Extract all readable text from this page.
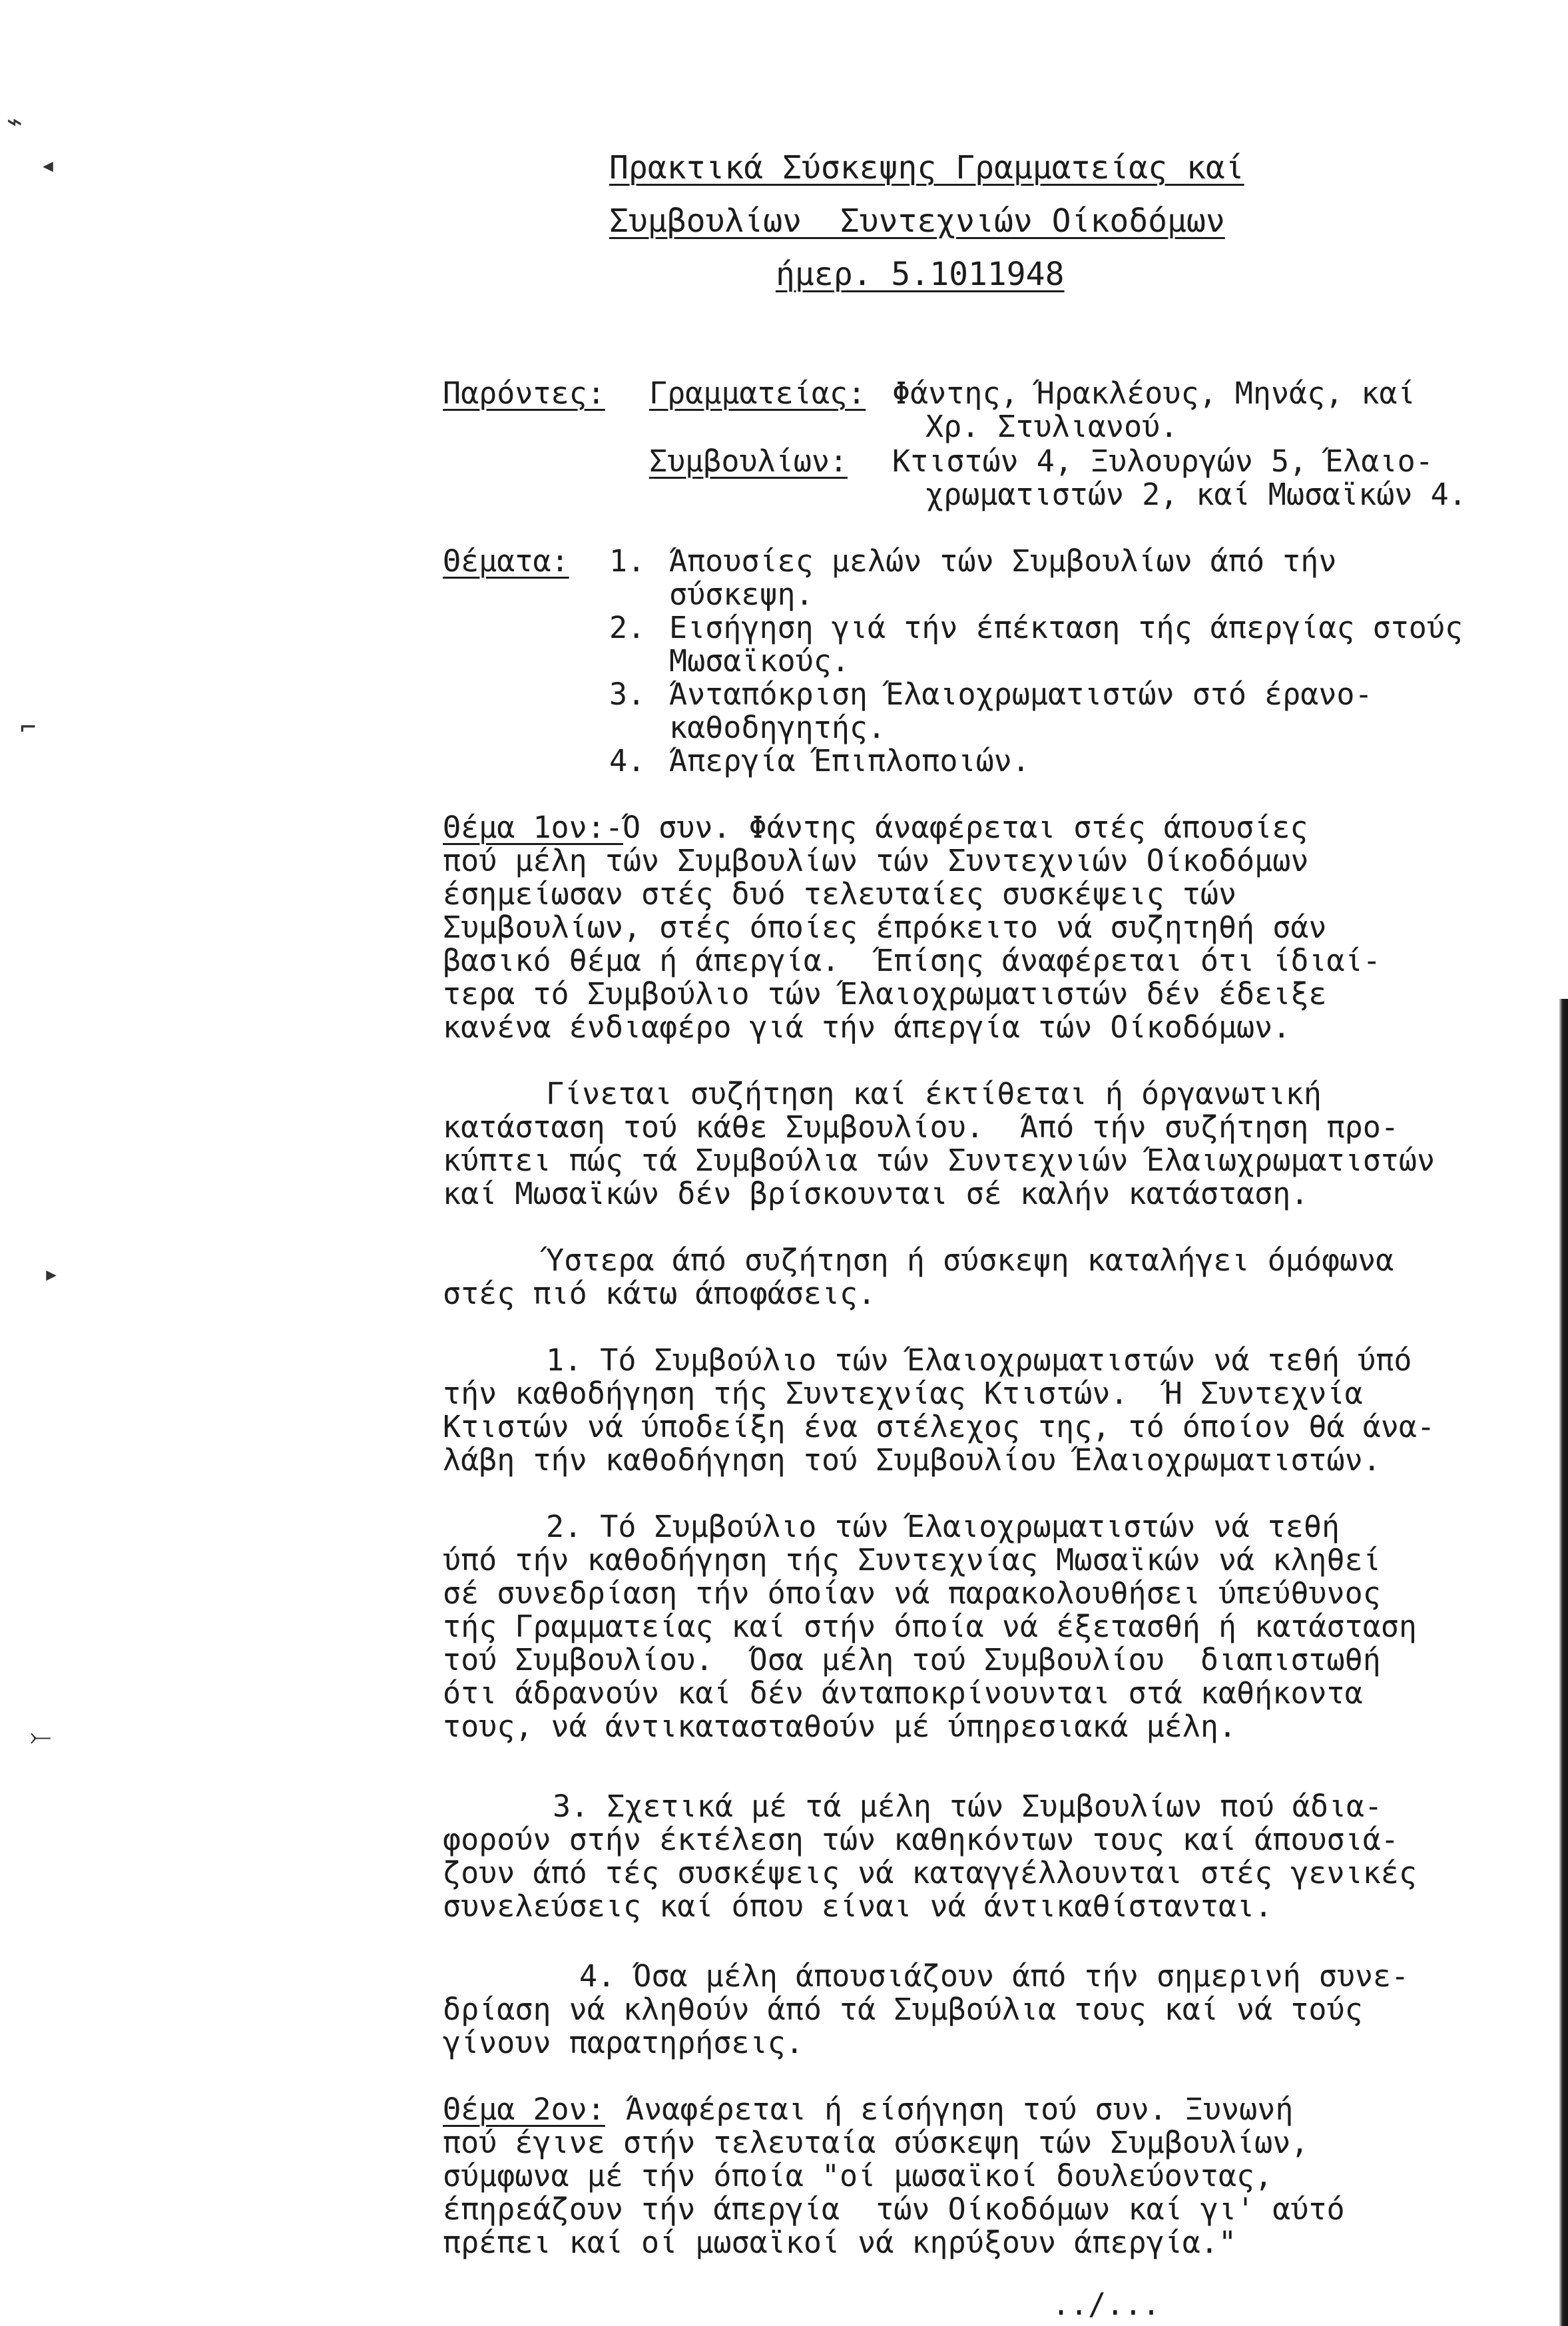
Πρακτικά Σύσκεψης Γραμματείας καί
Συμβουλίων  Συντεχνιών Οίκοδόμων
ήμερ. 5.1011948
Παρόντες: Γραμματείας: Φάντης, Ήρακλέους, Μηνάς, καί
Χρ. Στυλιανού.
Συμβουλίων: Κτιστών 4, Ξυλουργών 5, Έλαιο-
χρωματιστών 2, καί Μωσαϊκών 4.
Θέματα: 1. Άπουσίες μελών τών Συμβουλίων άπό τήν
σύσκεψη.
2. Εισήγηση γιά τήν έπέκταση τής άπεργίας στούς
Μωσαϊκούς.
3. Άνταπόκριση Έλαιοχρωματιστών στό έρανο-
καθοδηγητής.
4. Άπεργία Έπιπλοποιών.
Θέμα 1ον:- Ό συν. Φάντης άναφέρεται στές άπουσίες
πού μέλη τών Συμβουλίων τών Συντεχνιών Οίκοδόμων
έσημείωσαν στές δυό τελευταίες συσκέψεις τών
Συμβουλίων, στές όποίες έπρόκειτο νά συζητηθή σάν
βασικό θέμα ή άπεργία.  Έπίσης άναφέρεται ότι ίδιαί-
τερα τό Συμβούλιο τών Έλαιοχρωματιστών δέν έδειξε
κανένα ένδιαφέρο γιά τήν άπεργία τών Οίκοδόμων.
Γίνεται συζήτηση καί έκτίθεται ή όργανωτική
κατάσταση τού κάθε Συμβουλίου.  Άπό τήν συζήτηση προ-
κύπτει πώς τά Συμβούλια τών Συντεχνιών Έλαιωχρωματιστών
καί Μωσαϊκών δέν βρίσκουνται σέ καλήν κατάσταση.
Ύστερα άπό συζήτηση ή σύσκεψη καταλήγει όμόφωνα
στές πιό κάτω άποφάσεις.
1. Τό Συμβούλιο τών Έλαιοχρωματιστών νά τεθή ύπό
τήν καθοδήγηση τής Συντεχνίας Κτιστών.  Ή Συντεχνία
Κτιστών νά ύποδείξη ένα στέλεχος της, τό όποίον θά άνα-
λάβη τήν καθοδήγηση τού Συμβουλίου Έλαιοχρωματιστών.
2. Τό Συμβούλιο τών Έλαιοχρωματιστών νά τεθή
ύπό τήν καθοδήγηση τής Συντεχνίας Μωσαϊκών νά κληθεί
σέ συνεδρίαση τήν όποίαν νά παρακολουθήσει ύπεύθυνος
τής Γραμματείας καί στήν όποία νά έξετασθή ή κατάσταση
τού Συμβουλίου.  Όσα μέλη τού Συμβουλίου  διαπιστωθή
ότι άδρανούν καί δέν άνταποκρίνουνται στά καθήκοντα
τους, νά άντικατασταθούν μέ ύπηρεσιακά μέλη.
3. Σχετικά μέ τά μέλη τών Συμβουλίων πού άδια-
φορούν στήν έκτέλεση τών καθηκόντων τους καί άπουσιά-
ζουν άπό τές συσκέψεις νά καταγγέλλουνται στές γενικές
συνελεύσεις καί όπου είναι νά άντικαθίστανται.
4. Όσα μέλη άπουσιάζουν άπό τήν σημερινή συνε-
δρίαση νά κληθούν άπό τά Συμβούλια τους καί νά τούς
γίνουν παρατηρήσεις.
Θέμα 2ον: Άναφέρεται ή είσήγηση τού συν. Ξυνωνή
πού έγινε στήν τελευταία σύσκεψη τών Συμβουλίων,
σύμφωνα μέ τήν όποία "οί μωσαϊκοί δουλεύοντας,
έπηρεάζουν τήν άπεργία  τών Οίκοδόμων καί γι' αύτό
πρέπει καί οί μωσαϊκοί νά κηρύξουν άπεργία."
../...
⌁
◂
⌐
▸
⤚
